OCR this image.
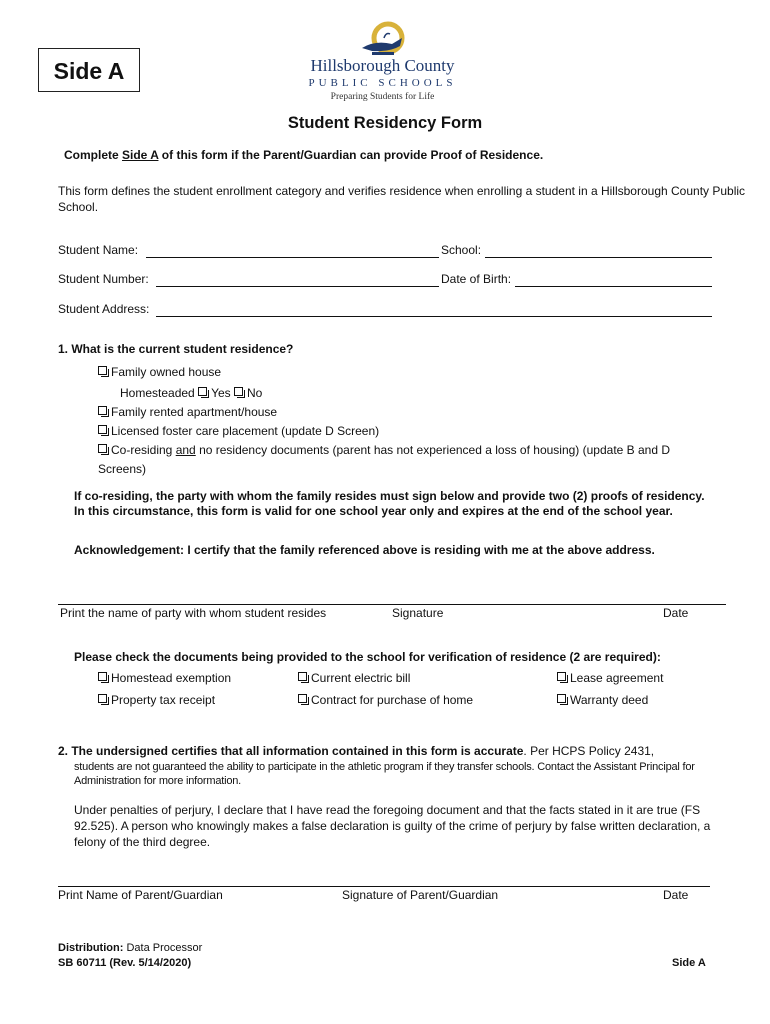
Side A	Hillsborough County
PUBLIC SCHOOLS
Preparing Students for Life
Student Residency Form
Complete Side A of this form if the Parent/Guardian can provide Proof of Residence.
This form defines the student enrollment category and verifies residence when enrolling a student in a Hillsborough County Public School.
Student Name:	School:
Student Number:	Date of Birth:
Student Address:
1. What is the current student residence?
Family owned house
Homesteaded Yes No
Family rented apartment/house
Licensed foster care placement (update D Screen)
Co-residing and no residency documents (parent has not experienced a loss of housing) (update B and D
Screens)
If co-residing, the party with whom the family resides must sign below and provide two (2) proofs of residency. In this circumstance, this form is valid for one school year only and expires at the end of the school year.
Acknowledgement: I certify that the family referenced above is residing with me at the above address.
Print the name of party with whom student resides	Signature	Date
Please check the documents being provided to the school for verification of residence (2 are required):
Homestead exemption	Current electric bill	Lease agreement
Property tax receipt	Contract for purchase of home	Warranty deed
2. The undersigned certifies that all information contained in this form is accurate. Per HCPS Policy 2431,
students are not guaranteed the ability to participate in the athletic program if they transfer schools. Contact the Assistant Principal for Administration for more information.
Under penalties of perjury, I declare that I have read the foregoing document and that the facts stated in it are true (FS 92.525). A person who knowingly makes a false declaration is guilty of the crime of perjury by false written declaration, a felony of the third degree.
Print Name of Parent/Guardian	Signature of Parent/Guardian	Date
Distribution: Data Processor
SB 60711 (Rev. 5/14/2020)	Side A
